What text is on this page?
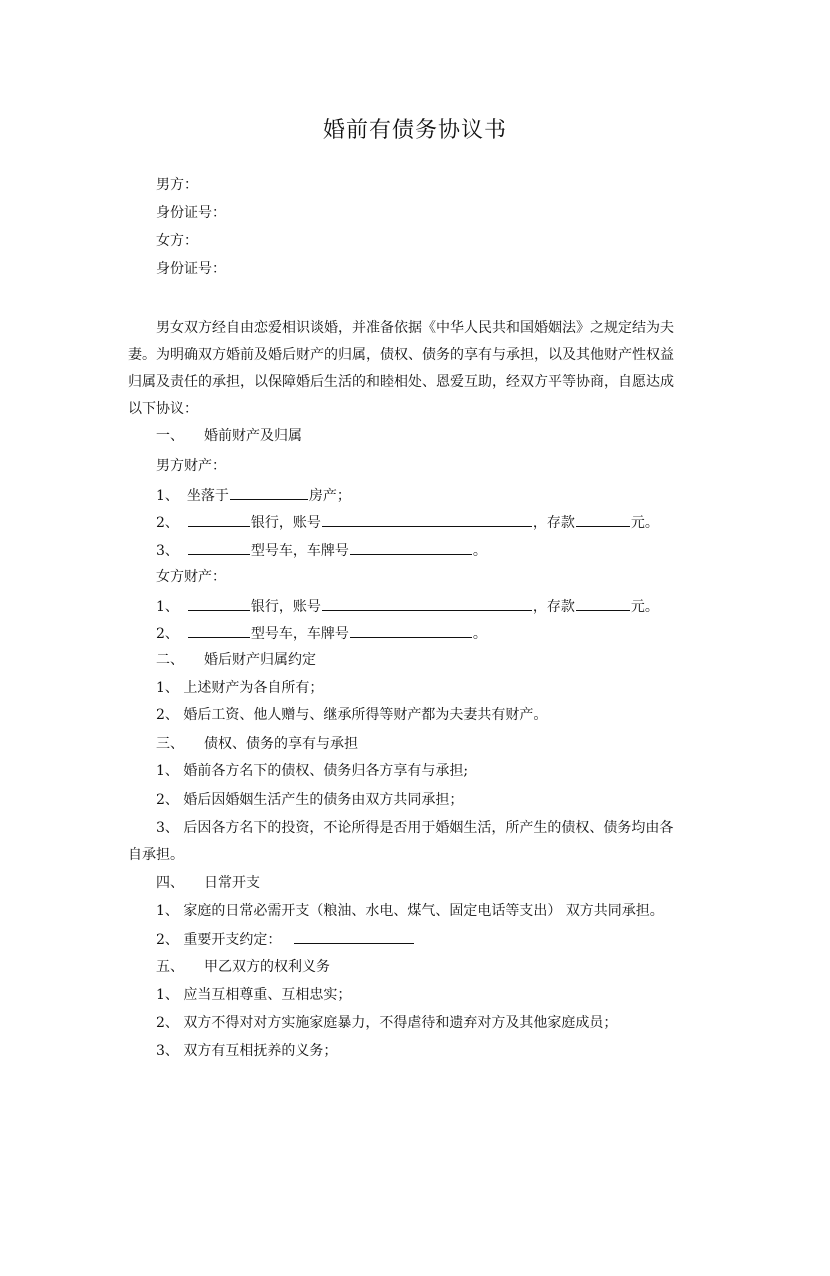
婚前有债务协议书
男方：
身份证号：
女方：
身份证号：
男女双方经自由恋爱相识谈婚，并准备依据《中华人民共和国婚姻法》之规定结为夫
妻。为明确双方婚前及婚后财产的归属，债权、债务的享有与承担，以及其他财产性权益
归属及责任的承担，以保障婚后生活的和睦相处、恩爱互助，经双方平等协商，自愿达成
以下协议：
一、 婚前财产及归属
男方财产：
1、 坐落于	房产；
2、	银行，账号	，存款	元。
3、	型号车，车牌号	。
女方财产：
1、	银行，账号	，存款	元。
2、	型号车，车牌号	。
二、 婚后财产归属约定
1、 上述财产为各自所有；
2、 婚后工资、他人赠与、继承所得等财产都为夫妻共有财产。
三、 债权、债务的享有与承担
1、 婚前各方名下的债权、债务归各方享有与承担;
2、 婚后因婚姻生活产生的债务由双方共同承担；
3、 后因各方名下的投资，不论所得是否用于婚姻生活，所产生的债权、债务均由各
自承担。
四、 日常开支
1、 家庭的日常必需开支（粮油、水电、煤气、固定电话等支出） 双方共同承担。
2、 重要开支约定：
五、 甲乙双方的权利义务
1、 应当互相尊重、互相忠实；
2、 双方不得对对方实施家庭暴力，不得虐待和遗弃对方及其他家庭成员；
3、 双方有互相抚养的义务；
